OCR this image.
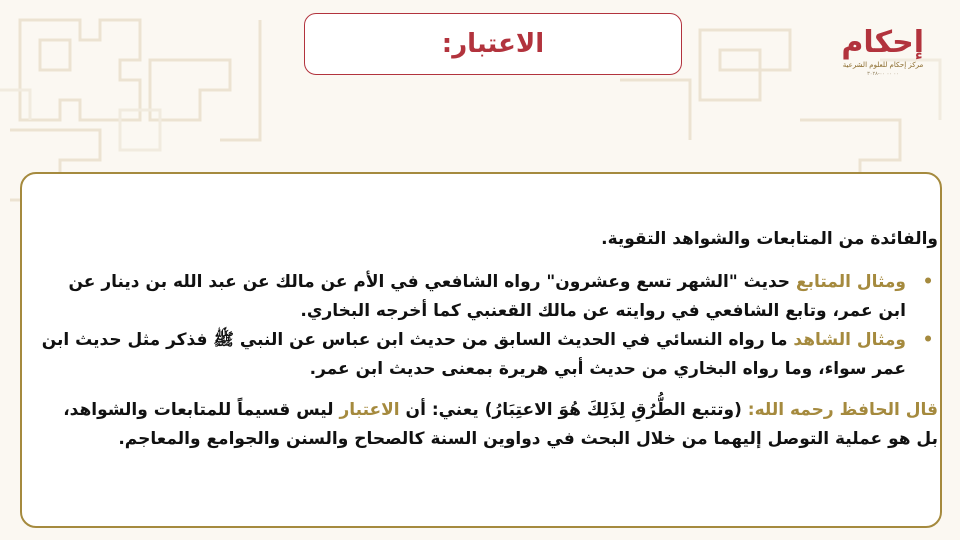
الاعتبار:	إحكام
مركز إحكام للعلوم الشرعية
۳۰۲۸-۰۰ ۰۰ ۰۰
والفائدة من المتابعات والشواهد التقوية.
•ومثال المتابع حديث "الشهر تسع وعشرون" رواه الشافعي في الأم عن مالك عن عبد الله بن دينار عن
ابن عمر، وتابع الشافعي في روايته عن مالك القعنبي كما أخرجه البخاري.
•ومثال الشاهد ما رواه النسائي في الحديث السابق من حديث ابن عباس عن النبي ﷺ فذكر مثل حديث ابن
عمر سواء، وما رواه البخاري من حديث أبي هريرة بمعنى حديث ابن عمر.
قال الحافظ رحمه الله: (وتتبع الطُّرُقِ لِذَلِكَ هُوَ الاعتِبَارُ) يعني: أن الاعتبار ليس قسيماً للمتابعات والشواهد،
بل هو عملية التوصل إليهما من خلال البحث في دواوين السنة كالصحاح والسنن والجوامع والمعاجم.
